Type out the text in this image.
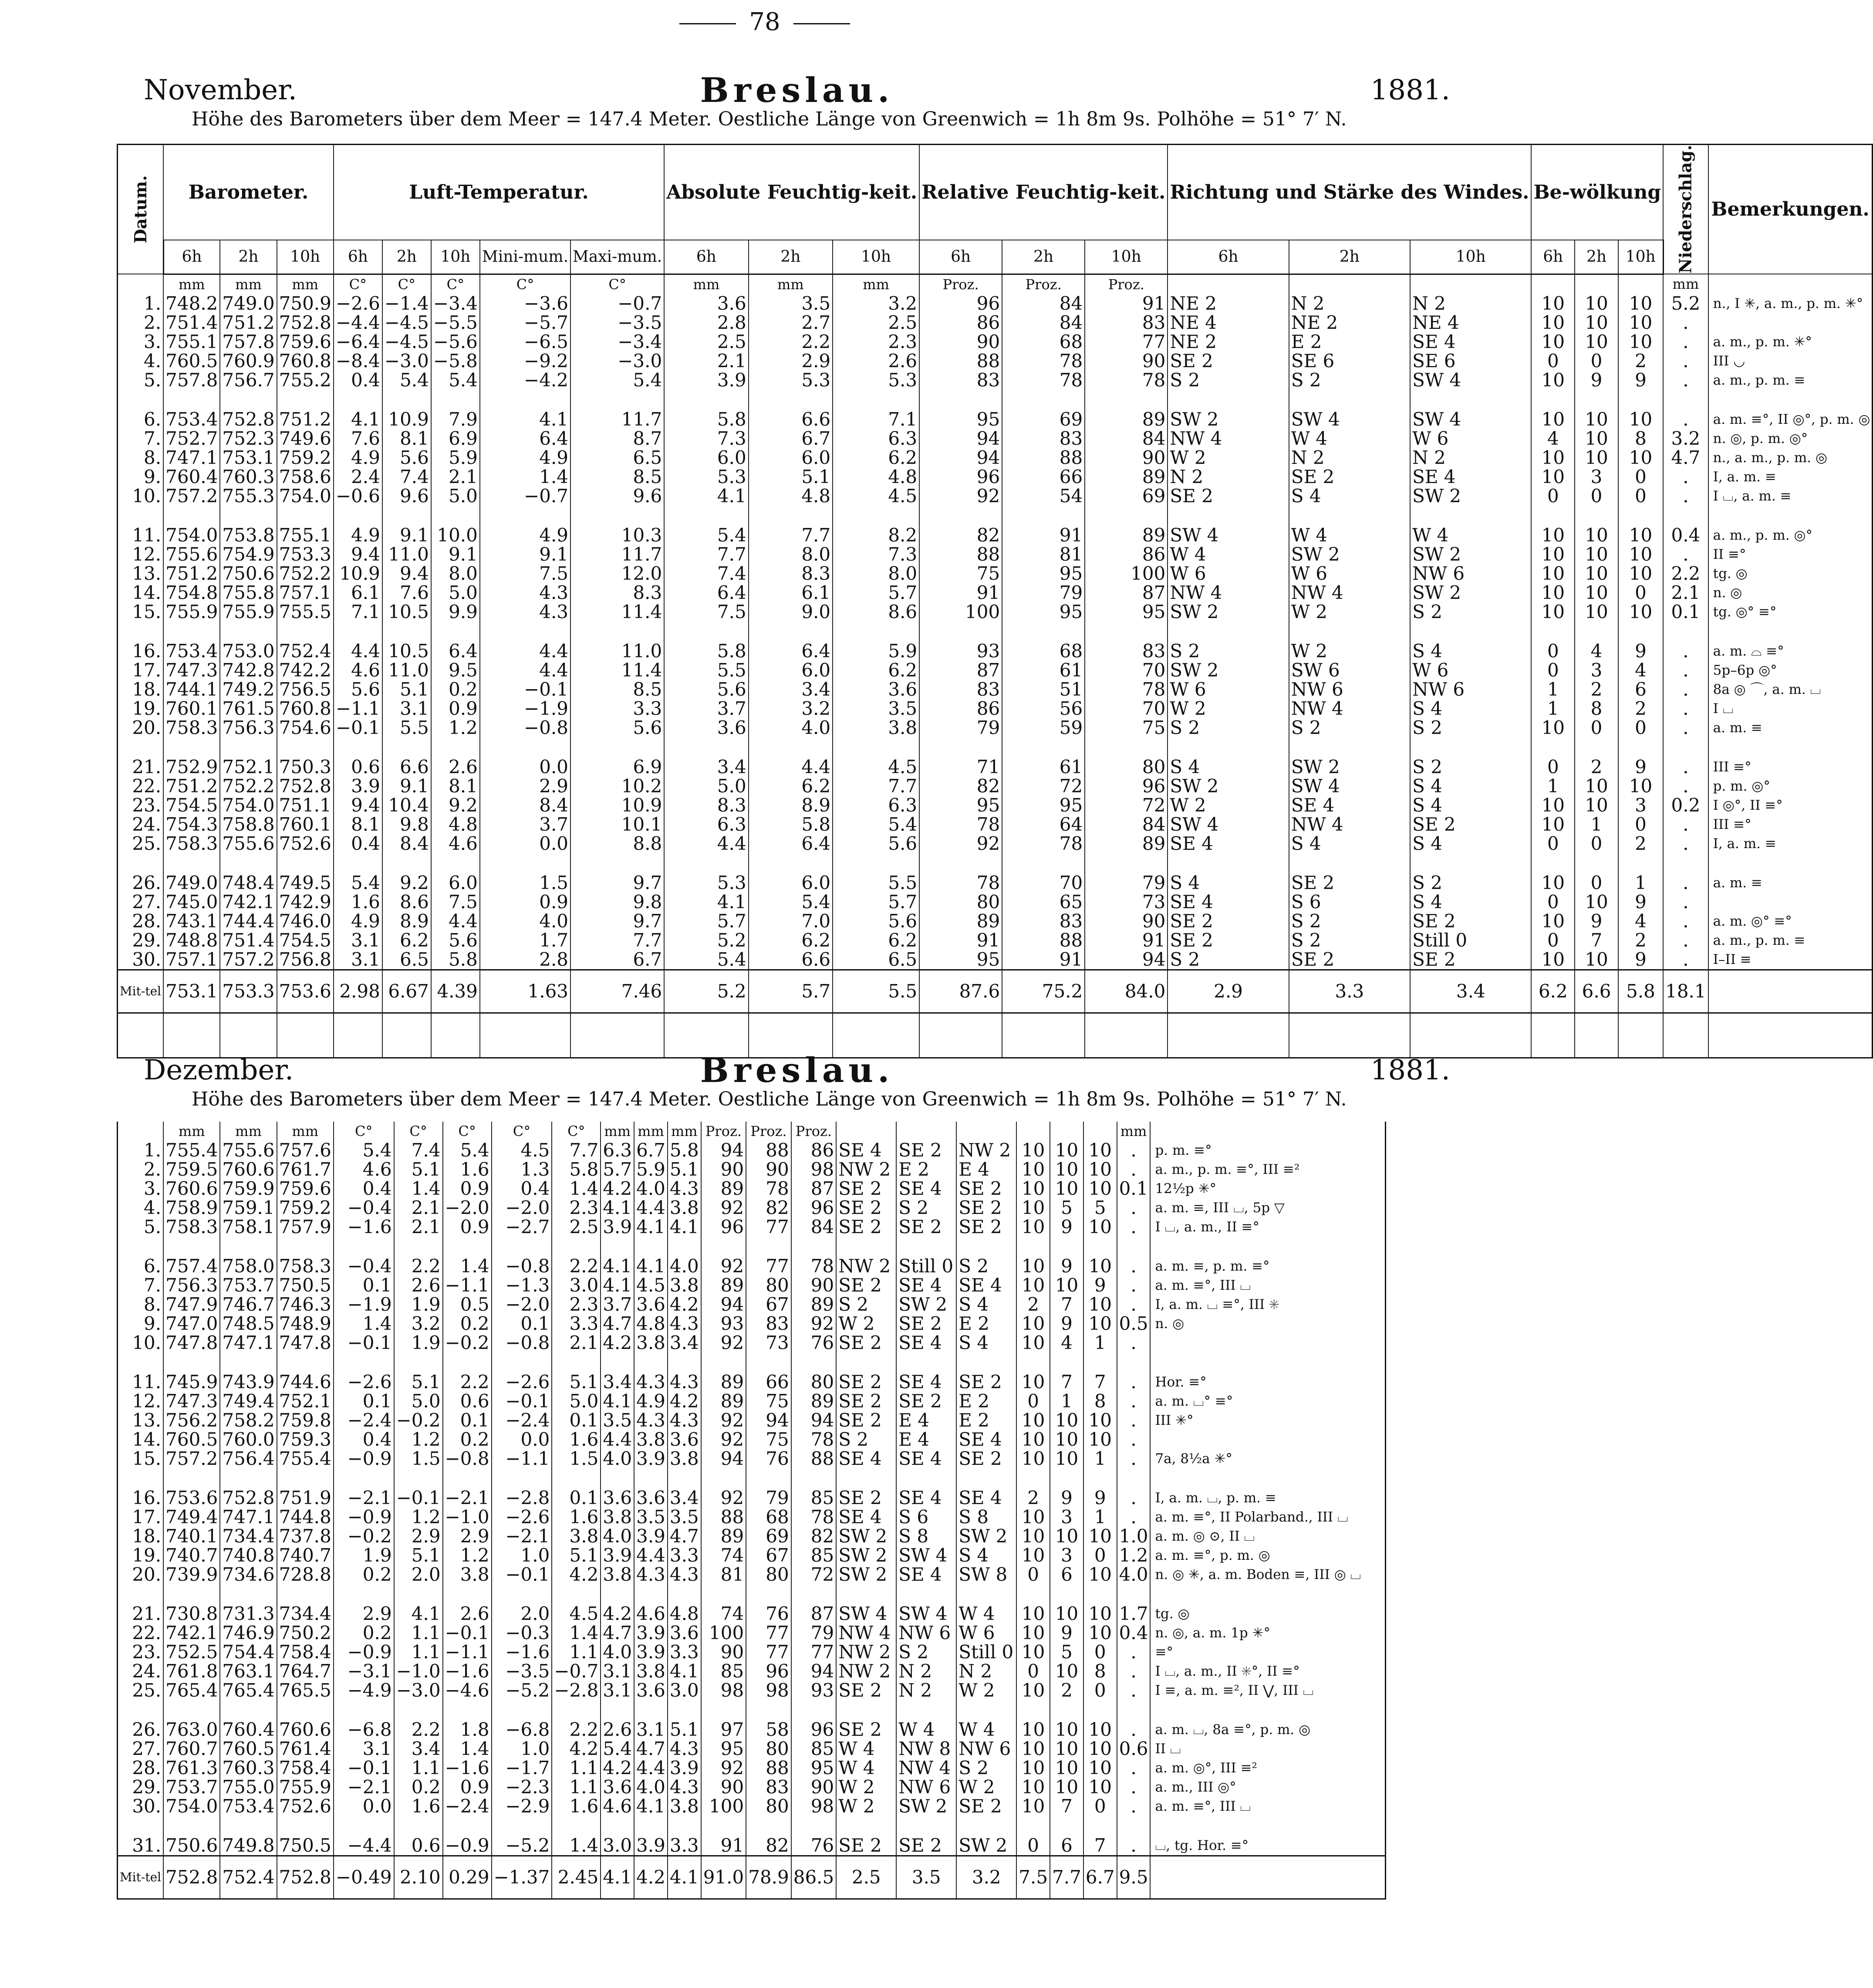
78
November.	Breslau.	1881.
Höhe des Barometers über dem Meer = 147.4 Meter. Oestliche Länge von Greenwich = 1h 8m 9s. Polhöhe = 51° 7′ N.
Datum.	Barometer.			Luft-Temperatur.					Absolute Feuchtig-keit.			Relative Feuchtig-keit.			Richtung und Stärke des Windes.			Be-wölkung			Niederschlag.	Bemerkungen.
	6h	2h	10h	6h	2h	10h	Mini-mum.	Maxi-mum.	6h	2h	10h	6h	2h	10h	6h	2h	10h	6h	2h	10h		
	mm	mm	mm	C°	C°	C°	C°	C°	mm	mm	mm	Proz.	Proz.	Proz.							mm	
1.	748.2	749.0	750.9	−2.6	−1.4	−3.4	−3.6	−0.7	3.6	3.5	3.2	96	84	91	NE 2	N 2	N 2	10	10	10	5.2	n., I ✳, a. m., p. m. ✳°
2.	751.4	751.2	752.8	−4.4	−4.5	−5.5	−5.7	−3.5	2.8	2.7	2.5	86	84	83	NE 4	NE 2	NE 4	10	10	10	.	
3.	755.1	757.8	759.6	−6.4	−4.5	−5.6	−6.5	−3.4	2.5	2.2	2.3	90	68	77	NE 2	E 2	SE 4	10	10	10	.	a. m., p. m. ✳°
4.	760.5	760.9	760.8	−8.4	−3.0	−5.8	−9.2	−3.0	2.1	2.9	2.6	88	78	90	SE 2	SE 6	SE 6	0	0	2	.	III ◡
5.	757.8	756.7	755.2	0.4	5.4	5.4	−4.2	5.4	3.9	5.3	5.3	83	78	78	S 2	S 2	SW 4	10	9	9	.	a. m., p. m. ≡

6.	753.4	752.8	751.2	4.1	10.9	7.9	4.1	11.7	5.8	6.6	7.1	95	69	89	SW 2	SW 4	SW 4	10	10	10	.	a. m. ≡°, II ◎°, p. m. ◎
7.	752.7	752.3	749.6	7.6	8.1	6.9	6.4	8.7	7.3	6.7	6.3	94	83	84	NW 4	W 4	W 6	4	10	8	3.2	n. ◎, p. m. ◎°
8.	747.1	753.1	759.2	4.9	5.6	5.9	4.9	6.5	6.0	6.0	6.2	94	88	90	W 2	N 2	N 2	10	10	10	4.7	n., a. m., p. m. ◎
9.	760.4	760.3	758.6	2.4	7.4	2.1	1.4	8.5	5.3	5.1	4.8	96	66	89	N 2	SE 2	SE 4	10	3	0	.	I, a. m. ≡
10.	757.2	755.3	754.0	−0.6	9.6	5.0	−0.7	9.6	4.1	4.8	4.5	92	54	69	SE 2	S 4	SW 2	0	0	0	.	I ⌴, a. m. ≡

11.	754.0	753.8	755.1	4.9	9.1	10.0	4.9	10.3	5.4	7.7	8.2	82	91	89	SW 4	W 4	W 4	10	10	10	0.4	a. m., p. m. ◎°
12.	755.6	754.9	753.3	9.4	11.0	9.1	9.1	11.7	7.7	8.0	7.3	88	81	86	W 4	SW 2	SW 2	10	10	10	.	II ≡°
13.	751.2	750.6	752.2	10.9	9.4	8.0	7.5	12.0	7.4	8.3	8.0	75	95	100	W 6	W 6	NW 6	10	10	10	2.2	tg. ◎
14.	754.8	755.8	757.1	6.1	7.6	5.0	4.3	8.3	6.4	6.1	5.7	91	79	87	NW 4	NW 4	SW 2	10	10	0	2.1	n. ◎
15.	755.9	755.9	755.5	7.1	10.5	9.9	4.3	11.4	7.5	9.0	8.6	100	95	95	SW 2	W 2	S 2	10	10	10	0.1	tg. ◎° ≡°

16.	753.4	753.0	752.4	4.4	10.5	6.4	4.4	11.0	5.8	6.4	5.9	93	68	83	S 2	W 2	S 4	0	4	9	.	a. m. ⌓ ≡°
17.	747.3	742.8	742.2	4.6	11.0	9.5	4.4	11.4	5.5	6.0	6.2	87	61	70	SW 2	SW 6	W 6	0	3	4	.	5p–6p ◎°
18.	744.1	749.2	756.5	5.6	5.1	0.2	−0.1	8.5	5.6	3.4	3.6	83	51	78	W 6	NW 6	NW 6	1	2	6	.	8a ◎ ⌒, a. m. ⌴
19.	760.1	761.5	760.8	−1.1	3.1	0.9	−1.9	3.3	3.7	3.2	3.5	86	56	70	W 2	NW 4	S 4	1	8	2	.	I ⌴
20.	758.3	756.3	754.6	−0.1	5.5	1.2	−0.8	5.6	3.6	4.0	3.8	79	59	75	S 2	S 2	S 2	10	0	0	.	a. m. ≡

21.	752.9	752.1	750.3	0.6	6.6	2.6	0.0	6.9	3.4	4.4	4.5	71	61	80	S 4	SW 2	S 2	0	2	9	.	III ≡°
22.	751.2	752.2	752.8	3.9	9.1	8.1	2.9	10.2	5.0	6.2	7.7	82	72	96	SW 2	SW 4	S 4	1	10	10	.	p. m. ◎°
23.	754.5	754.0	751.1	9.4	10.4	9.2	8.4	10.9	8.3	8.9	6.3	95	95	72	W 2	SE 4	S 4	10	10	3	0.2	I ◎°, II ≡°
24.	754.3	758.8	760.1	8.1	9.8	4.8	3.7	10.1	6.3	5.8	5.4	78	64	84	SW 4	NW 4	SE 2	10	1	0	.	III ≡°
25.	758.3	755.6	752.6	0.4	8.4	4.6	0.0	8.8	4.4	6.4	5.6	92	78	89	SE 4	S 4	S 4	0	0	2	.	I, a. m. ≡

26.	749.0	748.4	749.5	5.4	9.2	6.0	1.5	9.7	5.3	6.0	5.5	78	70	79	S 4	SE 2	S 2	10	0	1	.	a. m. ≡
27.	745.0	742.1	742.9	1.6	8.6	7.5	0.9	9.8	4.1	5.4	5.7	80	65	73	SE 4	S 6	S 4	0	10	9	.	
28.	743.1	744.4	746.0	4.9	8.9	4.4	4.0	9.7	5.7	7.0	5.6	89	83	90	SE 2	S 2	SE 2	10	9	4	.	a. m. ◎° ≡°
29.	748.8	751.4	754.5	3.1	6.2	5.6	1.7	7.7	5.2	6.2	6.2	91	88	91	SE 2	S 2	Still 0	0	7	2	.	a. m., p. m. ≡
30.	757.1	757.2	756.8	3.1	6.5	5.8	2.8	6.7	5.4	6.6	6.5	95	91	94	S 2	SE 2	SE 2	10	10	9	.	I–II ≡
Mit-tel	753.1	753.3	753.6	2.98	6.67	4.39	1.63	7.46	5.2	5.7	5.5	87.6	75.2	84.0	2.9	3.3	3.4	6.2	6.6	5.8	18.1	

Dezember.	Breslau.	1881.
Höhe des Barometers über dem Meer = 147.4 Meter. Oestliche Länge von Greenwich = 1h 8m 9s. Polhöhe = 51° 7′ N.
	mm	mm	mm	C°	C°	C°	C°	C°	mm	mm	mm	Proz.	Proz.	Proz.							mm	
1.	755.4	755.6	757.6	5.4	7.4	5.4	4.5	7.7	6.3	6.7	5.8	94	88	86	SE 4	SE 2	NW 2	10	10	10	.	p. m. ≡°
2.	759.5	760.6	761.7	4.6	5.1	1.6	1.3	5.8	5.7	5.9	5.1	90	90	98	NW 2	E 2	E 4	10	10	10	.	a. m., p. m. ≡°, III ≡²
3.	760.6	759.9	759.6	0.4	1.4	0.9	0.4	1.4	4.2	4.0	4.3	89	78	87	SE 2	SE 4	SE 2	10	10	10	0.1	12½p ✳°
4.	758.9	759.1	759.2	−0.4	2.1	−2.0	−2.0	2.3	4.1	4.4	3.8	92	82	96	SE 2	S 2	SE 2	10	5	5	.	a. m. ≡, III ⌴, 5p ▽
5.	758.3	758.1	757.9	−1.6	2.1	0.9	−2.7	2.5	3.9	4.1	4.1	96	77	84	SE 2	SE 2	SE 2	10	9	10	.	I ⌴, a. m., II ≡°

6.	757.4	758.0	758.3	−0.4	2.2	1.4	−0.8	2.2	4.1	4.1	4.0	92	77	78	NW 2	Still 0	S 2	10	9	10	.	a. m. ≡, p. m. ≡°
7.	756.3	753.7	750.5	0.1	2.6	−1.1	−1.3	3.0	4.1	4.5	3.8	89	80	90	SE 2	SE 4	SE 4	10	10	9	.	a. m. ≡°, III ⌴
8.	747.9	746.7	746.3	−1.9	1.9	0.5	−2.0	2.3	3.7	3.6	4.2	94	67	89	S 2	SW 2	S 4	2	7	10	.	I, a. m. ⌴ ≡°, III ✳
9.	747.0	748.5	748.9	1.4	3.2	0.2	0.1	3.3	4.7	4.8	4.3	93	83	92	W 2	SE 2	E 2	10	9	10	0.5	n. ◎
10.	747.8	747.1	747.8	−0.1	1.9	−0.2	−0.8	2.1	4.2	3.8	3.4	92	73	76	SE 2	SE 4	S 4	10	4	1	.	

11.	745.9	743.9	744.6	−2.6	5.1	2.2	−2.6	5.1	3.4	4.3	4.3	89	66	80	SE 2	SE 4	SE 2	10	7	7	.	Hor. ≡°
12.	747.3	749.4	752.1	0.1	5.0	0.6	−0.1	5.0	4.1	4.9	4.2	89	75	89	SE 2	SE 2	E 2	0	1	8	.	a. m. ⌴° ≡°
13.	756.2	758.2	759.8	−2.4	−0.2	0.1	−2.4	0.1	3.5	4.3	4.3	92	94	94	SE 2	E 4	E 2	10	10	10	.	III ✳°
14.	760.5	760.0	759.3	0.4	1.2	0.2	0.0	1.6	4.4	3.8	3.6	92	75	78	S 2	E 4	SE 4	10	10	10	.	
15.	757.2	756.4	755.4	−0.9	1.5	−0.8	−1.1	1.5	4.0	3.9	3.8	94	76	88	SE 4	SE 4	SE 2	10	10	1	.	7a, 8½a ✳°

16.	753.6	752.8	751.9	−2.1	−0.1	−2.1	−2.8	0.1	3.6	3.6	3.4	92	79	85	SE 2	SE 4	SE 4	2	9	9	.	I, a. m. ⌴, p. m. ≡
17.	749.4	747.1	744.8	−0.9	1.2	−1.0	−2.6	1.6	3.8	3.5	3.5	88	68	78	SE 4	S 6	S 8	10	3	1	.	a. m. ≡°, II Polarband., III ⌴
18.	740.1	734.4	737.8	−0.2	2.9	2.9	−2.1	3.8	4.0	3.9	4.7	89	69	82	SW 2	S 8	SW 2	10	10	10	1.0	a. m. ◎ ⊙, II ⌴
19.	740.7	740.8	740.7	1.9	5.1	1.2	1.0	5.1	3.9	4.4	3.3	74	67	85	SW 2	SW 4	S 4	10	3	0	1.2	a. m. ≡°, p. m. ◎
20.	739.9	734.6	728.8	0.2	2.0	3.8	−0.1	4.2	3.8	4.3	4.3	81	80	72	SW 2	SE 4	SW 8	0	6	10	4.0	n. ◎ ✳, a. m. Boden ≡, III ◎ ⌴

21.	730.8	731.3	734.4	2.9	4.1	2.6	2.0	4.5	4.2	4.6	4.8	74	76	87	SW 4	SW 4	W 4	10	10	10	1.7	tg. ◎
22.	742.1	746.9	750.2	0.2	1.1	−0.1	−0.3	1.4	4.7	3.9	3.6	100	77	79	NW 4	NW 6	W 6	10	9	10	0.4	n. ◎, a. m. 1p ✳°
23.	752.5	754.4	758.4	−0.9	1.1	−1.1	−1.6	1.1	4.0	3.9	3.3	90	77	77	NW 2	S 2	Still 0	10	5	0	.	≡°
24.	761.8	763.1	764.7	−3.1	−1.0	−1.6	−3.5	−0.7	3.1	3.8	4.1	85	96	94	NW 2	N 2	N 2	0	10	8	.	I ⌴, a. m., II ✳°, II ≡°
25.	765.4	765.4	765.5	−4.9	−3.0	−4.6	−5.2	−2.8	3.1	3.6	3.0	98	98	93	SE 2	N 2	W 2	10	2	0	.	I ≡, a. m. ≡², II ⋁, III ⌴

26.	763.0	760.4	760.6	−6.8	2.2	1.8	−6.8	2.2	2.6	3.1	5.1	97	58	96	SE 2	W 4	W 4	10	10	10	.	a. m. ⌴, 8a ≡°, p. m. ◎
27.	760.7	760.5	761.4	3.1	3.4	1.4	1.0	4.2	5.4	4.7	4.3	95	80	85	W 4	NW 8	NW 6	10	10	10	0.6	II ⌴
28.	761.3	760.3	758.4	−0.1	1.1	−1.6	−1.7	1.1	4.2	4.4	3.9	92	88	95	W 4	NW 4	S 2	10	10	10	.	a. m. ◎°, III ≡²
29.	753.7	755.0	755.9	−2.1	0.2	0.9	−2.3	1.1	3.6	4.0	4.3	90	83	90	W 2	NW 6	W 2	10	10	10	.	a. m., III ◎°
30.	754.0	753.4	752.6	0.0	1.6	−2.4	−2.9	1.6	4.6	4.1	3.8	100	80	98	W 2	SW 2	SE 2	10	7	0	.	a. m. ≡°, III ⌴

31.	750.6	749.8	750.5	−4.4	0.6	−0.9	−5.2	1.4	3.0	3.9	3.3	91	82	76	SE 2	SE 2	SW 2	0	6	7	.	⌴, tg. Hor. ≡°
Mit-tel	752.8	752.4	752.8	−0.49	2.10	0.29	−1.37	2.45	4.1	4.2	4.1	91.0	78.9	86.5	2.5	3.5	3.2	7.5	7.7	6.7	9.5	
